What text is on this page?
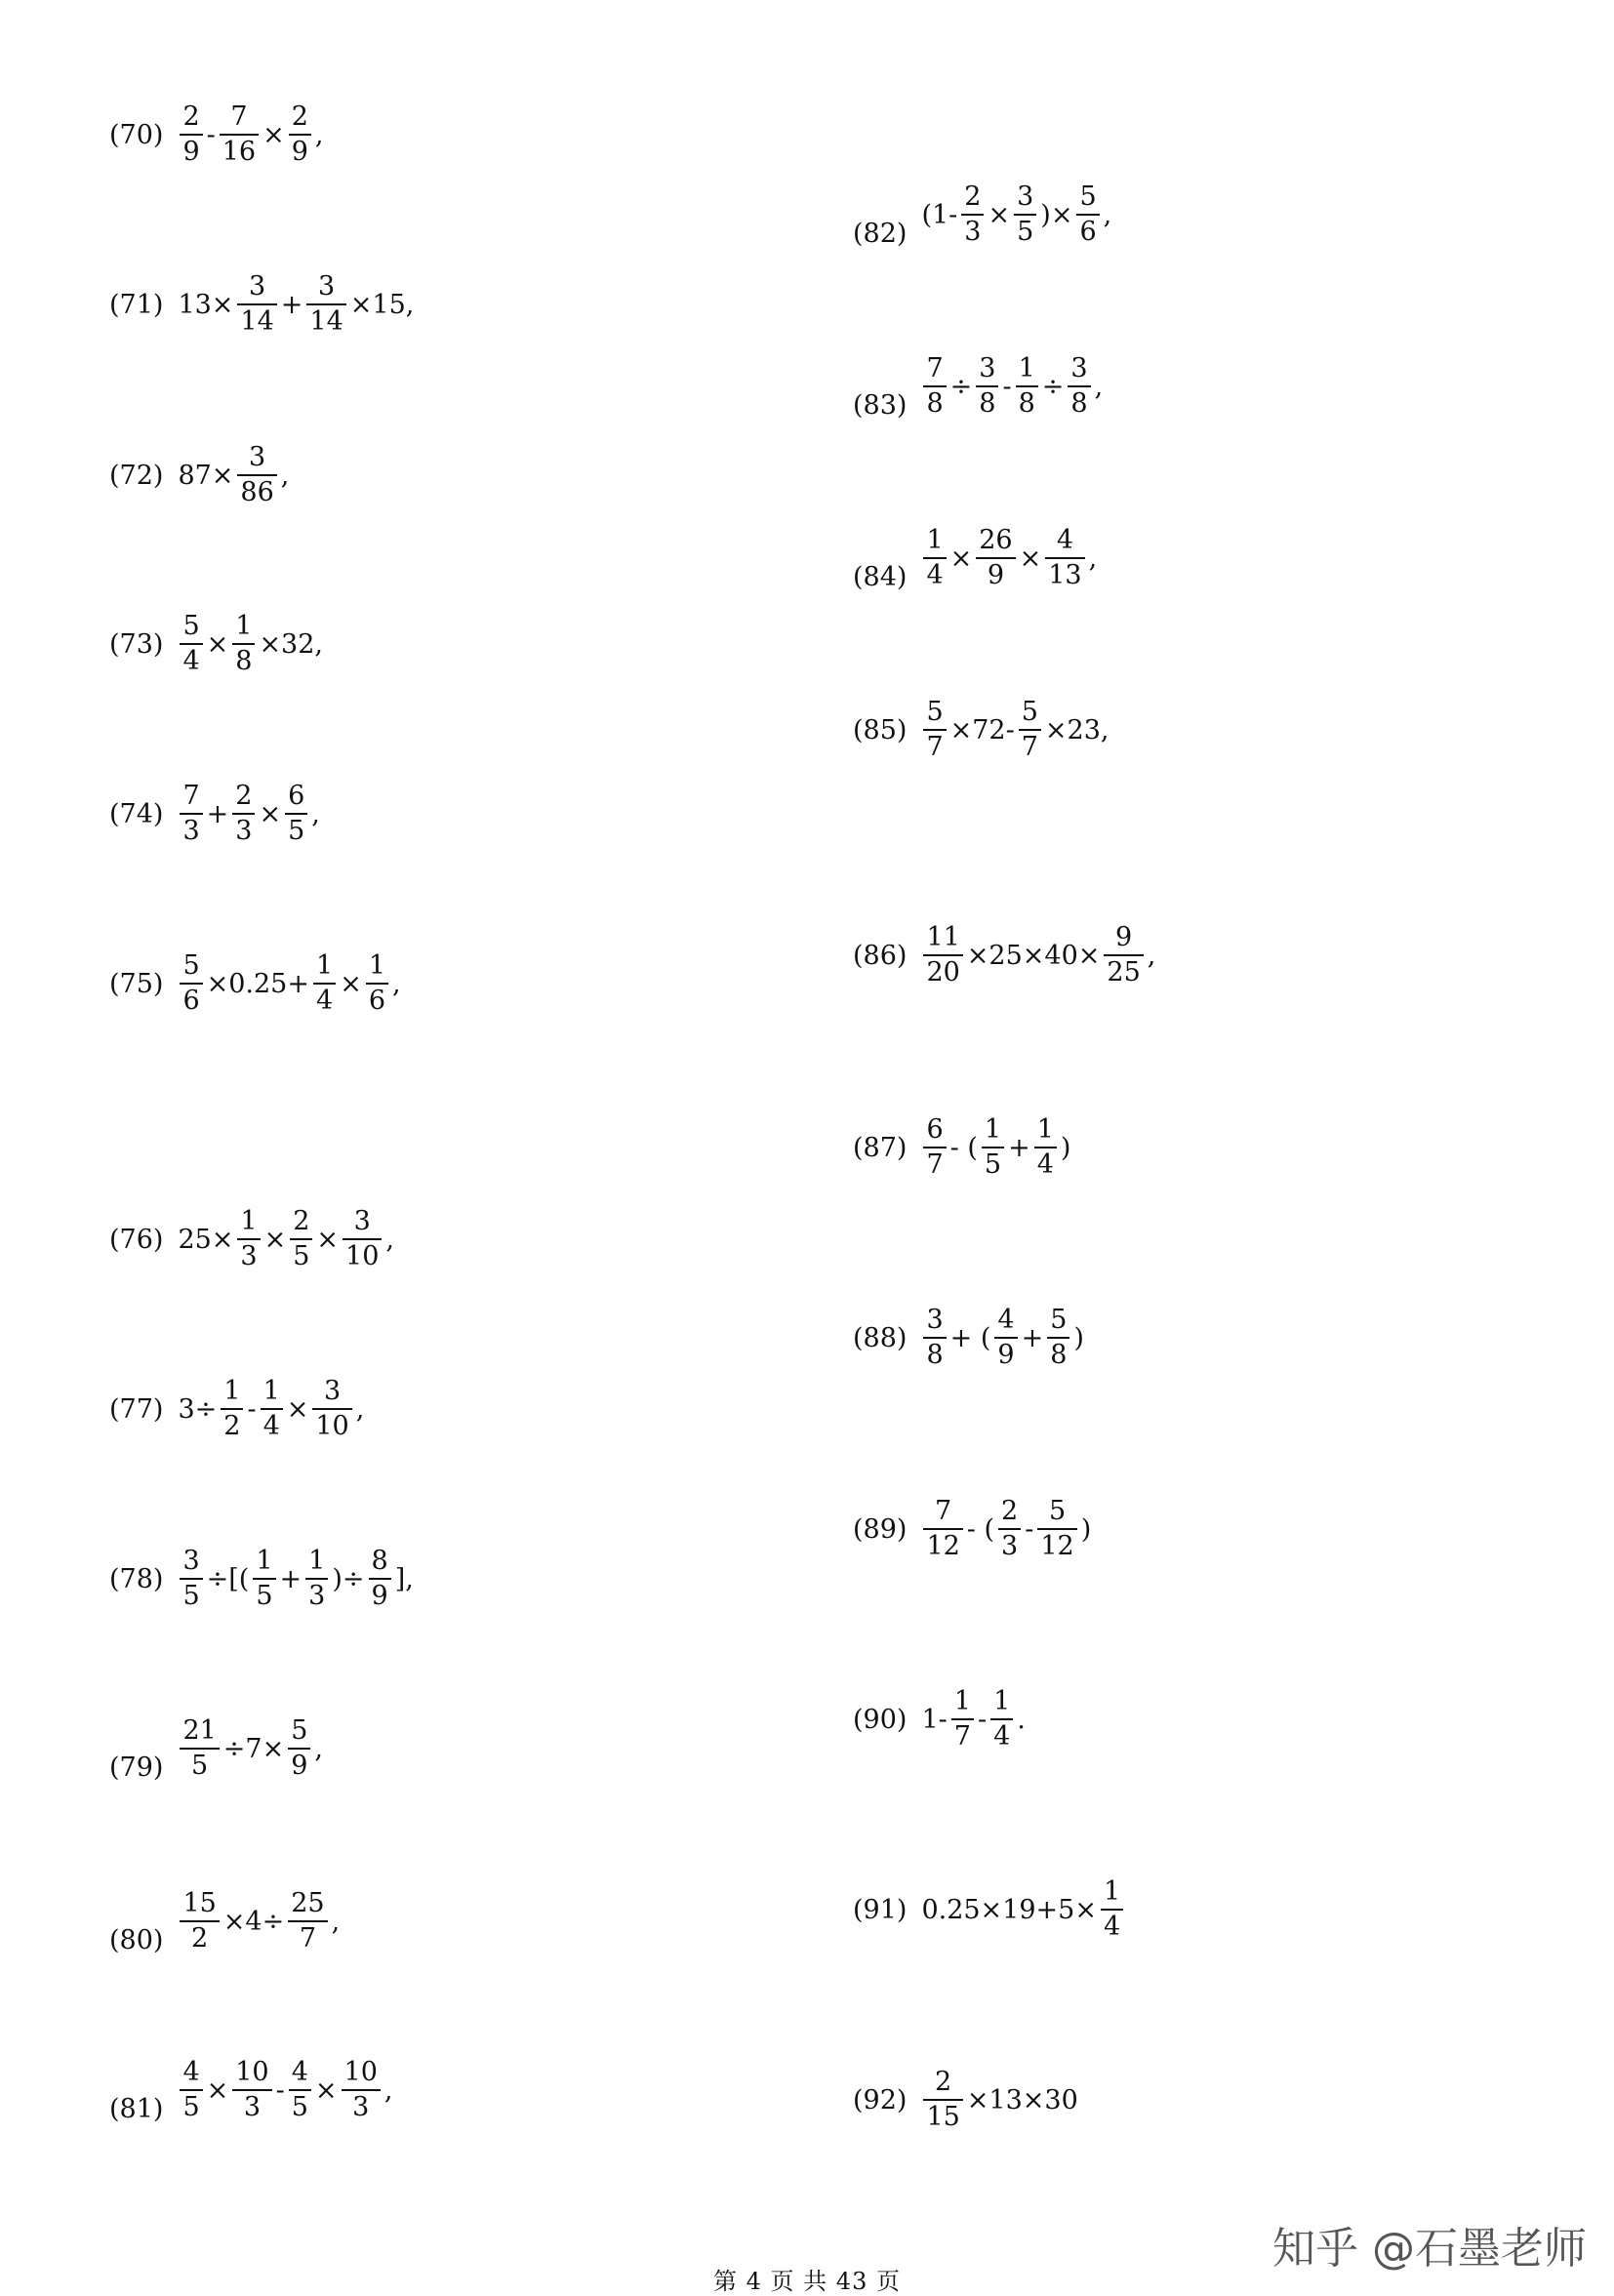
$(70) \frac{2}{9} - \frac{7}{16} \times \frac{2}{9}$ ,
(71) $13\times \frac{3}{14} + \frac{3}{14} \times 15$,
(72) $87\times \frac{3}{86}$ ,
$(73) \frac{5}{4} \times \frac{1}{8} \times 32$,
$(74) \frac{7}{3} + \frac{2}{3} \times \frac{6}{5}$ ,
$(75) \frac{5}{6} \times 0.25+ \frac{1}{4} \times \frac{1}{6}$ ,
(76) $25\times \frac{1}{3} \times \frac{2}{5} \times \frac{3}{10}$ ,
(77) $3\div \frac{1}{2} - \frac{1}{4} \times \frac{3}{10}$ ,
$(78) \frac{3}{5}$ ÷[( $\frac{1}{5} + \frac{1}{3}$ )÷ $\frac{8}{9}$ ],
$(79) \frac{21}{5} \div 7\times \frac{5}{9}$ ,
$(80) \frac{15}{2} \times 4\div \frac{25}{7}$ ,
$(81) \frac{4}{5} \times \frac{10}{3} - \frac{4}{5} \times \frac{10}{3}$ ,
(82)
($1- \frac{2}{3} \times \frac{3}{5}$ )× $\frac{5}{6}$ ,
$(83) \frac{7}{8} \div \frac{3}{8} - \frac{1}{8} \div \frac{3}{8}$ ,
$(84) \frac{1}{4} \times \frac{26}{9} \times \frac{4}{13}$ ,
$(85) \frac{5}{7} \times 72- \frac{5}{7} \times 23$,
$(86) \frac{11}{20} \times 25\times 40\times \frac{9}{25}$ ,
$(87) \frac{6}{7}$ - ( $\frac{1}{5} + \frac{1}{4}$ )
$(88) \frac{3}{8}$ + ( $\frac{4}{9} + \frac{5}{8}$ )
$(89) \frac{7}{12}$ - ( $\frac{2}{3} - \frac{5}{12}$ )
(90) $1- \frac{1}{7} - \frac{1}{4}$ .
(91) $0.25\times 19+5\times \frac{1}{4}$
$(92) \frac{2}{15} \times 13\times 30$
第 4 页 共 43 页
知乎 @石墨老师
